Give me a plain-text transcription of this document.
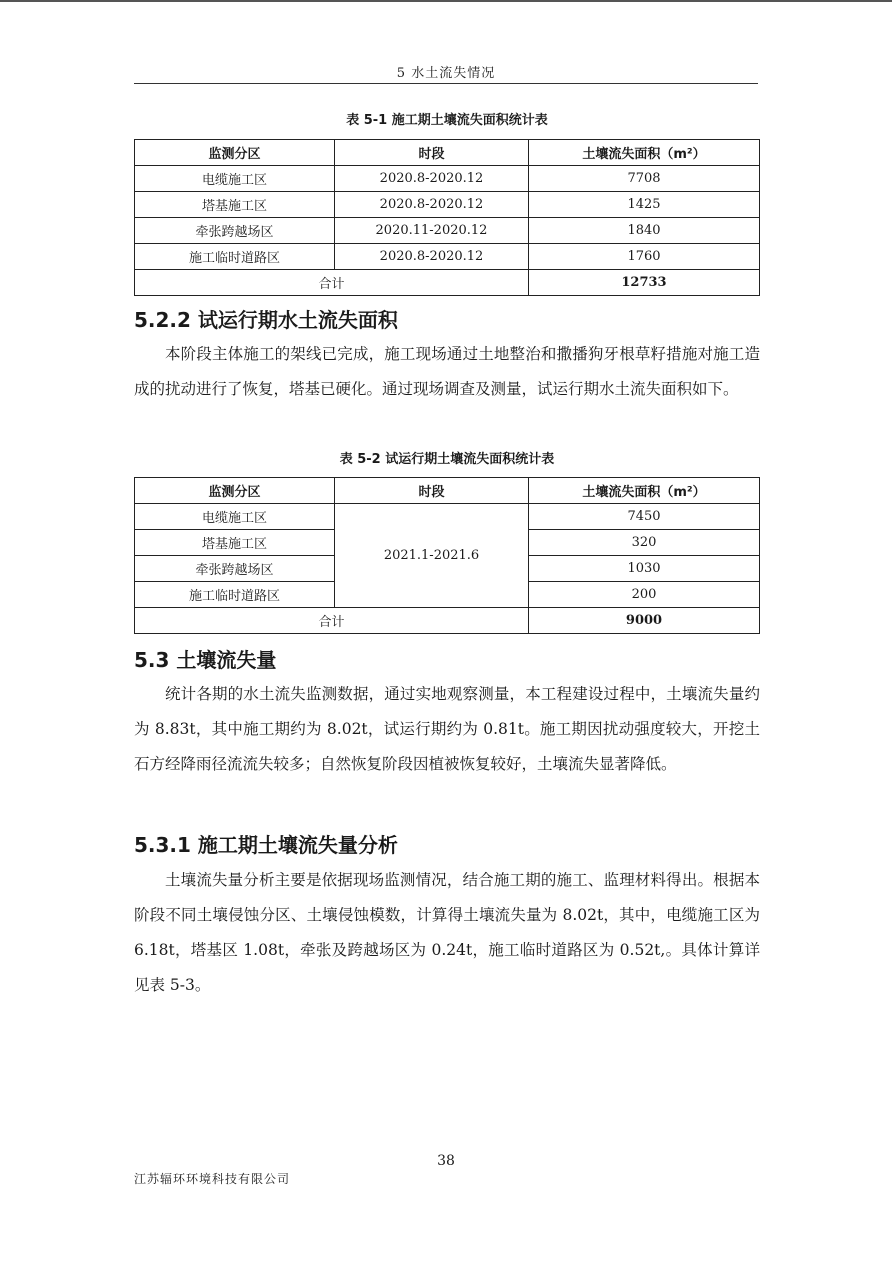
5 水土流失情况
表 5-1 施工期土壤流失面积统计表
监测分区	时段	土壤流失面积（m²）
电缆施工区	2020.8-2020.12	7708
塔基施工区	2020.8-2020.12	1425
牵张跨越场区	2020.11-2020.12	1840
施工临时道路区	2020.8-2020.12	1760
合计		12733
5.2.2 试运行期水土流失面积
本阶段主体施工的架线已完成，施工现场通过土地整治和撒播狗牙根草籽措施对施工造成的扰动进行了恢复，塔基已硬化。通过现场调查及测量，试运行期水土流失面积如下。
表 5-2 试运行期土壤流失面积统计表
监测分区	时段	土壤流失面积（m²）
电缆施工区	2021.1-2021.6	7450
塔基施工区		320
牵张跨越场区		1030
施工临时道路区		200
合计		9000
5.3 土壤流失量
统计各期的水土流失监测数据，通过实地观察测量，本工程建设过程中，土壤流失量约为 8.83t，其中施工期约为 8.02t，试运行期约为 0.81t。施工期因扰动强度较大，开挖土石方经降雨径流流失较多；自然恢复阶段因植被恢复较好，土壤流失显著降低。
5.3.1 施工期土壤流失量分析
土壤流失量分析主要是依据现场监测情况，结合施工期的施工、监理材料得出。根据本阶段不同土壤侵蚀分区、土壤侵蚀模数，计算得土壤流失量为 8.02t，其中，电缆施工区为 6.18t，塔基区 1.08t，牵张及跨越场区为 0.24t，施工临时道路区为 0.52t,。具体计算详见表 5-3。
38
江苏辐环环境科技有限公司
